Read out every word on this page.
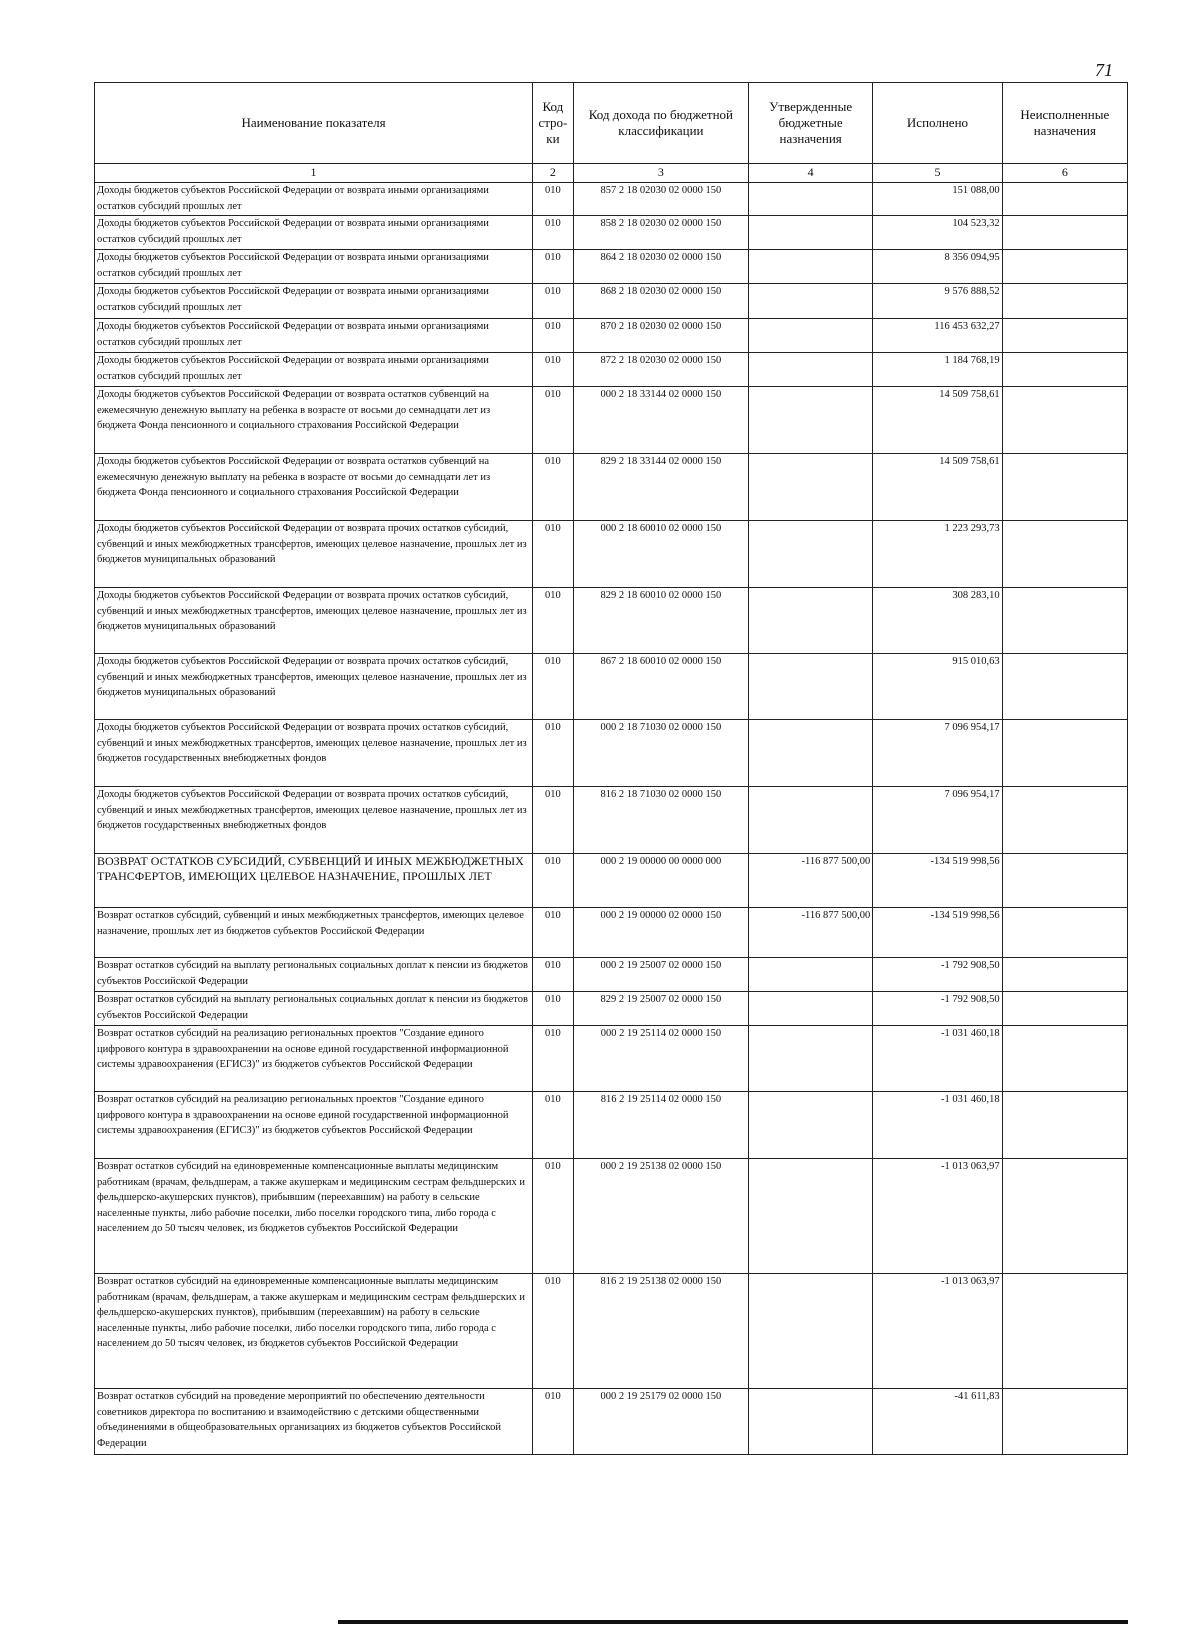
71
Наименование показателя	Код стро-ки	Код дохода по бюджетной классификации	Утвержденные бюджетные назначения	Исполнено	Неисполненные назначения
1	2	3	4	5	6
Доходы бюджетов субъектов Российской Федерации от возврата иными организациями остатков субсидий прошлых лет	010	857 2 18 02030 02 0000 150		151 088,00	
Доходы бюджетов субъектов Российской Федерации от возврата иными организациями остатков субсидий прошлых лет	010	858 2 18 02030 02 0000 150		104 523,32	
Доходы бюджетов субъектов Российской Федерации от возврата иными организациями остатков субсидий прошлых лет	010	864 2 18 02030 02 0000 150		8 356 094,95	
Доходы бюджетов субъектов Российской Федерации от возврата иными организациями остатков субсидий прошлых лет	010	868 2 18 02030 02 0000 150		9 576 888,52	
Доходы бюджетов субъектов Российской Федерации от возврата иными организациями остатков субсидий прошлых лет	010	870 2 18 02030 02 0000 150		116 453 632,27	
Доходы бюджетов субъектов Российской Федерации от возврата иными организациями остатков субсидий прошлых лет	010	872 2 18 02030 02 0000 150		1 184 768,19	
Доходы бюджетов субъектов Российской Федерации от возврата остатков субвенций на ежемесячную денежную выплату на ребенка в возрасте от восьми до семнадцати лет из бюджета Фонда пенсионного и социального страхования Российской Федерации	010	000 2 18 33144 02 0000 150		14 509 758,61	
Доходы бюджетов субъектов Российской Федерации от возврата остатков субвенций на ежемесячную денежную выплату на ребенка в возрасте от восьми до семнадцати лет из бюджета Фонда пенсионного и социального страхования Российской Федерации	010	829 2 18 33144 02 0000 150		14 509 758,61	
Доходы бюджетов субъектов Российской Федерации от возврата прочих остатков субсидий, субвенций и иных межбюджетных трансфертов, имеющих целевое назначение, прошлых лет из бюджетов муниципальных образований	010	000 2 18 60010 02 0000 150		1 223 293,73	
Доходы бюджетов субъектов Российской Федерации от возврата прочих остатков субсидий, субвенций и иных межбюджетных трансфертов, имеющих целевое назначение, прошлых лет из бюджетов муниципальных образований	010	829 2 18 60010 02 0000 150		308 283,10	
Доходы бюджетов субъектов Российской Федерации от возврата прочих остатков субсидий, субвенций и иных межбюджетных трансфертов, имеющих целевое назначение, прошлых лет из бюджетов муниципальных образований	010	867 2 18 60010 02 0000 150		915 010,63	
Доходы бюджетов субъектов Российской Федерации от возврата прочих остатков субсидий, субвенций и иных межбюджетных трансфертов, имеющих целевое назначение, прошлых лет из бюджетов государственных внебюджетных фондов	010	000 2 18 71030 02 0000 150		7 096 954,17	
Доходы бюджетов субъектов Российской Федерации от возврата прочих остатков субсидий, субвенций и иных межбюджетных трансфертов, имеющих целевое назначение, прошлых лет из бюджетов государственных внебюджетных фондов	010	816 2 18 71030 02 0000 150		7 096 954,17	
ВОЗВРАТ ОСТАТКОВ СУБСИДИЙ, СУБВЕНЦИЙ И ИНЫХ МЕЖБЮДЖЕТНЫХ ТРАНСФЕРТОВ, ИМЕЮЩИХ ЦЕЛЕВОЕ НАЗНАЧЕНИЕ, ПРОШЛЫХ ЛЕТ	010	000 2 19 00000 00 0000 000	-116 877 500,00	-134 519 998,56	
Возврат остатков субсидий, субвенций и иных межбюджетных трансфертов, имеющих целевое назначение, прошлых лет из бюджетов субъектов Российской Федерации	010	000 2 19 00000 02 0000 150	-116 877 500,00	-134 519 998,56	
Возврат остатков субсидий на выплату региональных социальных доплат к пенсии из бюджетов субъектов Российской Федерации	010	000 2 19 25007 02 0000 150		-1 792 908,50	
Возврат остатков субсидий на выплату региональных социальных доплат к пенсии из бюджетов субъектов Российской Федерации	010	829 2 19 25007 02 0000 150		-1 792 908,50	
Возврат остатков субсидий на реализацию региональных проектов "Создание единого цифрового контура в здравоохранении на основе единой государственной информационной системы здравоохранения (ЕГИСЗ)" из бюджетов субъектов Российской Федерации	010	000 2 19 25114 02 0000 150		-1 031 460,18	
Возврат остатков субсидий на реализацию региональных проектов "Создание единого цифрового контура в здравоохранении на основе единой государственной информационной системы здравоохранения (ЕГИСЗ)" из бюджетов субъектов Российской Федерации	010	816 2 19 25114 02 0000 150		-1 031 460,18	
Возврат остатков субсидий на единовременные компенсационные выплаты медицинским работникам (врачам, фельдшерам, а также акушеркам и медицинским сестрам фельдшерских и фельдшерско-акушерских пунктов), прибывшим (переехавшим) на работу в сельские населенные пункты, либо рабочие поселки, либо поселки городского типа, либо города с населением до 50 тысяч человек, из бюджетов субъектов Российской Федерации	010	000 2 19 25138 02 0000 150		-1 013 063,97	
Возврат остатков субсидий на единовременные компенсационные выплаты медицинским работникам (врачам, фельдшерам, а также акушеркам и медицинским сестрам фельдшерских и фельдшерско-акушерских пунктов), прибывшим (переехавшим) на работу в сельские населенные пункты, либо рабочие поселки, либо поселки городского типа, либо города с населением до 50 тысяч человек, из бюджетов субъектов Российской Федерации	010	816 2 19 25138 02 0000 150		-1 013 063,97	
Возврат остатков субсидий на проведение мероприятий по обеспечению деятельности советников директора по воспитанию и взаимодействию с детскими общественными объединениями в общеобразовательных организациях из бюджетов субъектов Российской Федерации	010	000 2 19 25179 02 0000 150		-41 611,83	
